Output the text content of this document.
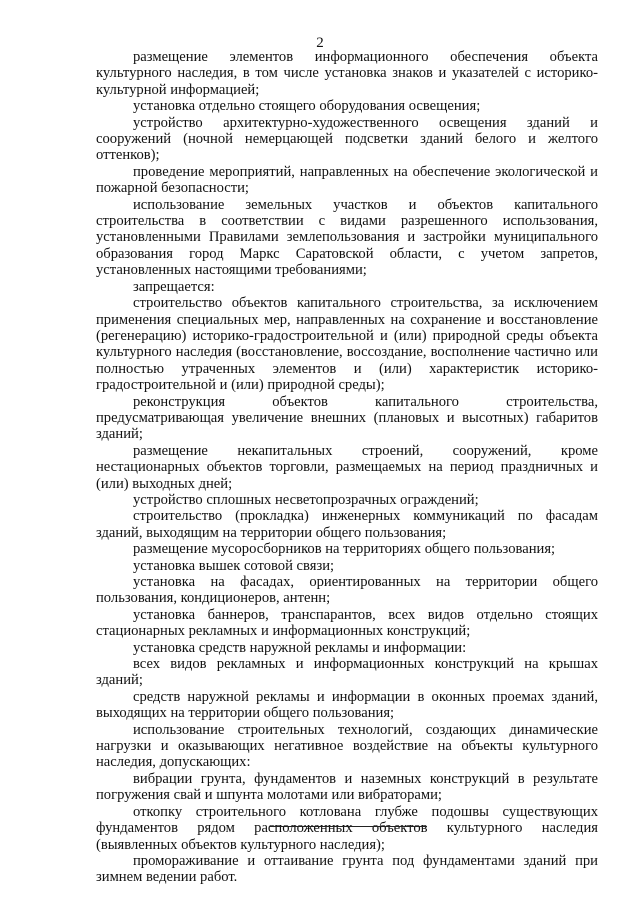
2

размещение элементов информационного обеспечения объекта культурного наследия, в том числе установка знаков и указателей с историко-культурной информацией;

установка отдельно стоящего оборудования освещения;

устройство архитектурно-художественного освещения зданий и сооружений (ночной немерцающей подсветки зданий белого и желтого оттенков);

проведение мероприятий, направленных на обеспечение экологической и пожарной безопасности;

использование земельных участков и объектов капитального строительства в соответствии с видами разрешенного использования, установленными Правилами землепользования и застройки муниципального образования город Маркс Саратовской области, с учетом запретов, установленных настоящими требованиями;

запрещается:

строительство объектов капитального строительства, за исключением применения специальных мер, направленных на сохранение и восстановление (регенерацию) историко-градостроительной и (или) природной среды объекта культурного наследия (восстановление, воссоздание, восполнение частично или полностью утраченных элементов и (или) характеристик историко-градостроительной и (или) природной среды);

реконструкция объектов капитального строительства, предусматривающая увеличение внешних (плановых и высотных) габаритов зданий;

размещение некапитальных строений, сооружений, кроме нестационарных объектов торговли, размещаемых на период праздничных и (или) выходных дней;

устройство сплошных несветопрозрачных ограждений;

строительство (прокладка) инженерных коммуникаций по фасадам зданий, выходящим на территории общего пользования;

размещение мусоросборников на территориях общего пользования;

установка вышек сотовой связи;

установка на фасадах, ориентированных на территории общего пользования, кондиционеров, антенн;

установка баннеров, транспарантов, всех видов отдельно стоящих стационарных рекламных и информационных конструкций;

установка средств наружной рекламы и информации:

всех видов рекламных и информационных конструкций на крышах зданий;

средств наружной рекламы и информации в оконных проемах зданий, выходящих на территории общего пользования;

использование строительных технологий, создающих динамические нагрузки и оказывающих негативное воздействие на объекты культурного наследия, допускающих:

вибрации грунта, фундаментов и наземных конструкций в результате погружения свай и шпунта молотами или вибраторами;

откопку строительного котлована глубже подошвы существующих фундаментов рядом расположенных объектов культурного наследия (выявленных объектов культурного наследия);

промораживание и оттаивание грунта под фундаментами зданий при зимнем ведении работ.
